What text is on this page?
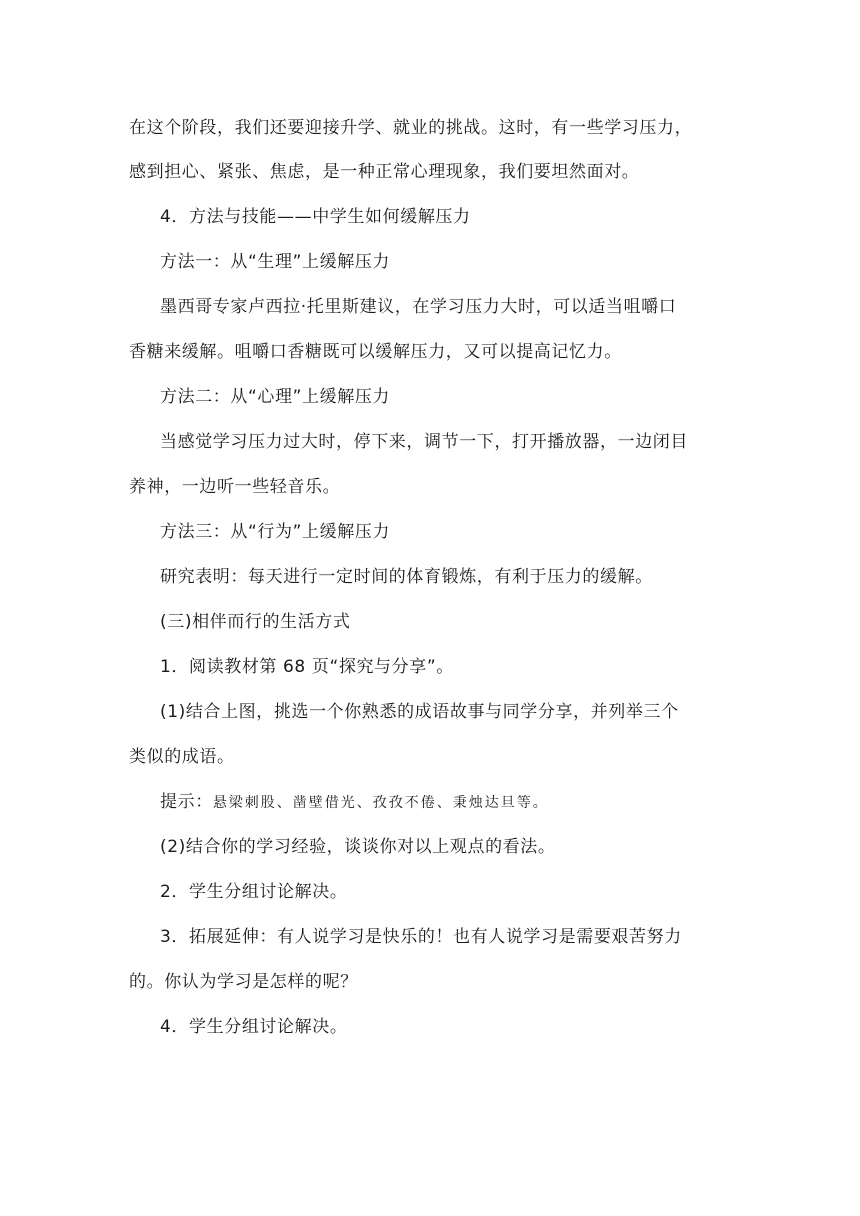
在这个阶段，我们还要迎接升学、就业的挑战。这时，有一些学习压力，
感到担心、紧张、焦虑，是一种正常心理现象，我们要坦然面对。
4．方法与技能——中学生如何缓解压力
方法一：从“生理”上缓解压力
墨西哥专家卢西拉·托里斯建议，在学习压力大时，可以适当咀嚼口
香糖来缓解。咀嚼口香糖既可以缓解压力，又可以提高记忆力。
方法二：从“心理”上缓解压力
当感觉学习压力过大时，停下来，调节一下，打开播放器，一边闭目
养神，一边听一些轻音乐。
方法三：从“行为”上缓解压力
研究表明：每天进行一定时间的体育锻炼，有利于压力的缓解。
(三)相伴而行的生活方式
1．阅读教材第 68 页“探究与分享”。
(1)结合上图，挑选一个你熟悉的成语故事与同学分享，并列举三个
类似的成语。
提示：悬梁刺股、凿壁借光、孜孜不倦、秉烛达旦等。
(2)结合你的学习经验，谈谈你对以上观点的看法。
2．学生分组讨论解决。
3．拓展延伸：有人说学习是快乐的！也有人说学习是需要艰苦努力
的。你认为学习是怎样的呢？
4．学生分组讨论解决。
